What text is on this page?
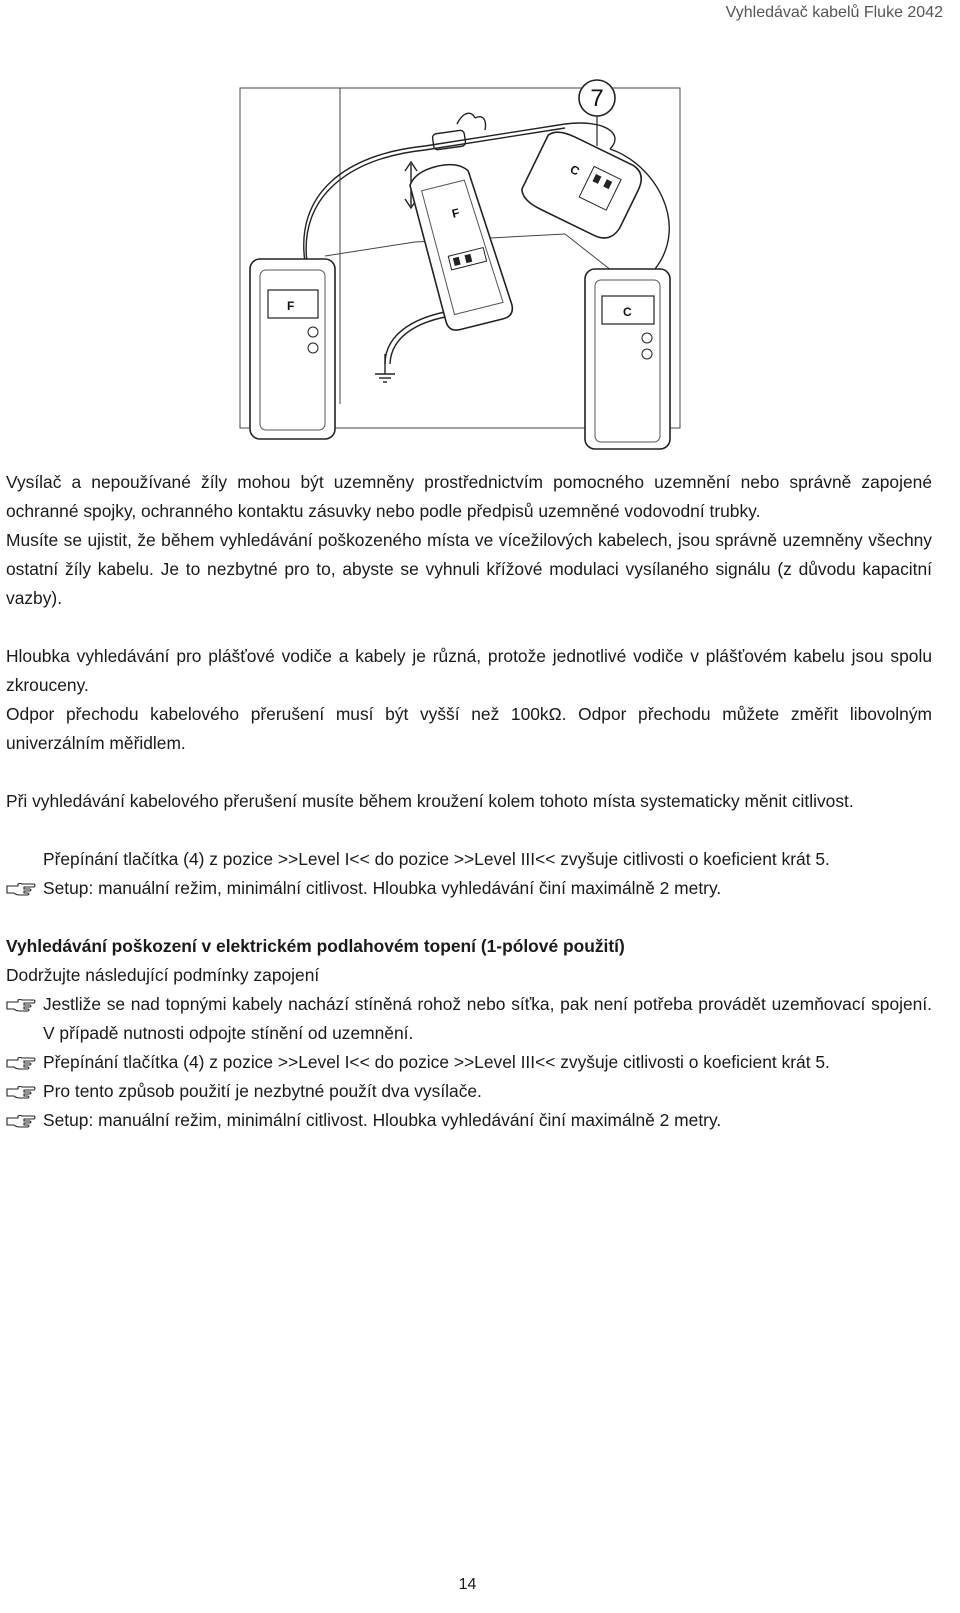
Vyhledávač kabelů Fluke 2042
7
F	C
F
C

Vysílač a nepoužívané žíly mohou být uzemněny prostřednictvím pomocného uzemnění nebo správně zapojené ochranné spojky, ochranného kontaktu zásuvky nebo podle předpisů uzemněné vodovodní trubky.

Musíte se ujistit, že během vyhledávání poškozeného místa ve vícežilových kabelech, jsou správně uzemněny všechny ostatní žíly kabelu. Je to nezbytné pro to, abyste se vyhnuli křížové modulaci vysílaného signálu (z důvodu kapacitní vazby).

Hloubka vyhledávání pro plášťové vodiče a kabely je různá, protože jednotlivé vodiče v plášťovém kabelu jsou spolu zkrouceny.

Odpor přechodu kabelového přerušení musí být vyšší než 100kΩ. Odpor přechodu můžete změřit libovolným univerzálním měřidlem.

Při vyhledávání kabelového přerušení musíte během kroužení kolem tohoto místa systematicky měnit citlivost.

Přepínání tlačítka (4) z pozice >>Level I<< do pozice >>Level III<< zvyšuje citlivosti o koeficient krát 5.

Setup: manuální režim, minimální citlivost. Hloubka vyhledávání činí maximálně 2 metry.

Vyhledávání poškození v elektrickém podlahovém topení (1-pólové použití)

Dodržujte následující podmínky zapojení

Jestliže se nad topnými kabely nachází stíněná rohož nebo síťka, pak není potřeba provádět uzemňovací spojení. V případě nutnosti odpojte stínění od uzemnění.

Přepínání tlačítka (4) z pozice >>Level I<< do pozice >>Level III<< zvyšuje citlivosti o koeficient krát 5.

Pro tento způsob použití je nezbytné použít dva vysílače.

Setup: manuální režim, minimální citlivost. Hloubka vyhledávání činí maximálně 2 metry.

14
